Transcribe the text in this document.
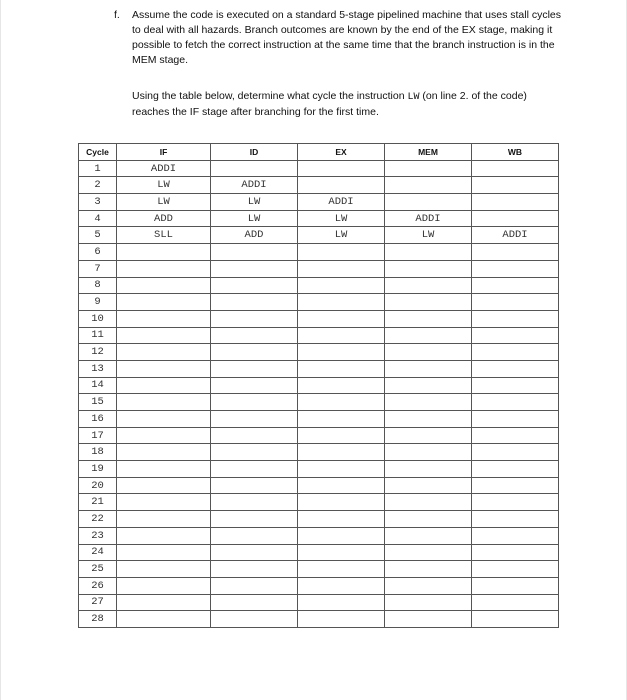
f.	Assume the code is executed on a standard 5-stage pipelined machine that uses stall cycles to deal with all hazards. Branch outcomes are known by the end of the EX stage, making it possible to fetch the correct instruction at the same time that the branch instruction is in the MEM stage.
Using the table below, determine what cycle the instruction LW (on line 2. of the code) reaches the IF stage after branching for the first time.
Cycle	IF	ID	EX	MEM	WB
1	ADDI				
2	LW	ADDI			
3	LW	LW	ADDI		
4	ADD	LW	LW	ADDI	
5	SLL	ADD	LW	LW	ADDI
6					
7					
8					
9					
10					
11					
12					
13					
14					
15					
16					
17					
18					
19					
20					
21					
22					
23					
24					
25					
26					
27					
28					
